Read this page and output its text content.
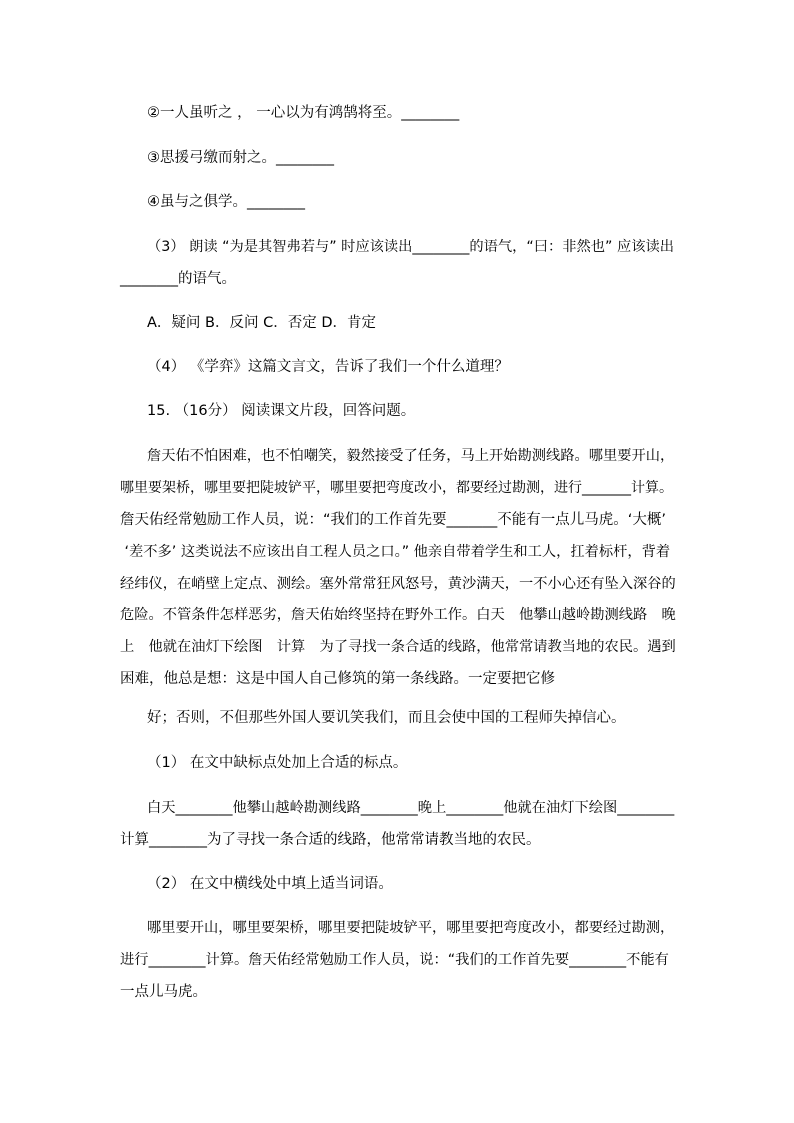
②一人虽听之 ， 一心以为有鸿鹄将至。________
③思援弓缴而射之。________
④虽与之俱学。________
（3） 朗读 “为是其智弗若与” 时应该读出________的语气，“曰：非然也” 应该读出
________的语气。
A．疑问 B．反问 C．否定 D．肯定
（4） 《学弈》这篇文言文，告诉了我们一个什么道理？
15. （16分） 阅读课文片段，回答问题。
詹天佑不怕困难，也不怕嘲笑，毅然接受了任务，马上开始勘测线路。哪里要开山，
哪里要架桥，哪里要把陡坡铲平，哪里要把弯度改小，都要经过勘测，进行_______计算。
詹天佑经常勉励工作人员，说：“我们的工作首先要_______不能有一点儿马虎。‘大概’
‘差不多’ 这类说法不应该出自工程人员之口。” 他亲自带着学生和工人，扛着标杆，背着
经纬仪，在峭壁上定点、测绘。塞外常常狂风怒号，黄沙满天，一不小心还有坠入深谷的
危险。不管条件怎样恶劣，詹天佑始终坚持在野外工作。白天　他攀山越岭勘测线路　晚
上　他就在油灯下绘图　计算　为了寻找一条合适的线路，他常常请教当地的农民。遇到
困难，他总是想：这是中国人自己修筑的第一条线路。一定要把它修
好；否则，不但那些外国人要讥笑我们，而且会使中国的工程师失掉信心。
（1） 在文中缺标点处加上合适的标点。
白天________他攀山越岭勘测线路________晚上________他就在油灯下绘图________
计算________为了寻找一条合适的线路，他常常请教当地的农民。
（2） 在文中横线处中填上适当词语。
哪里要开山，哪里要架桥，哪里要把陡坡铲平，哪里要把弯度改小，都要经过勘测，
进行________计算。詹天佑经常勉励工作人员，说：“我们的工作首先要________不能有
一点儿马虎。
